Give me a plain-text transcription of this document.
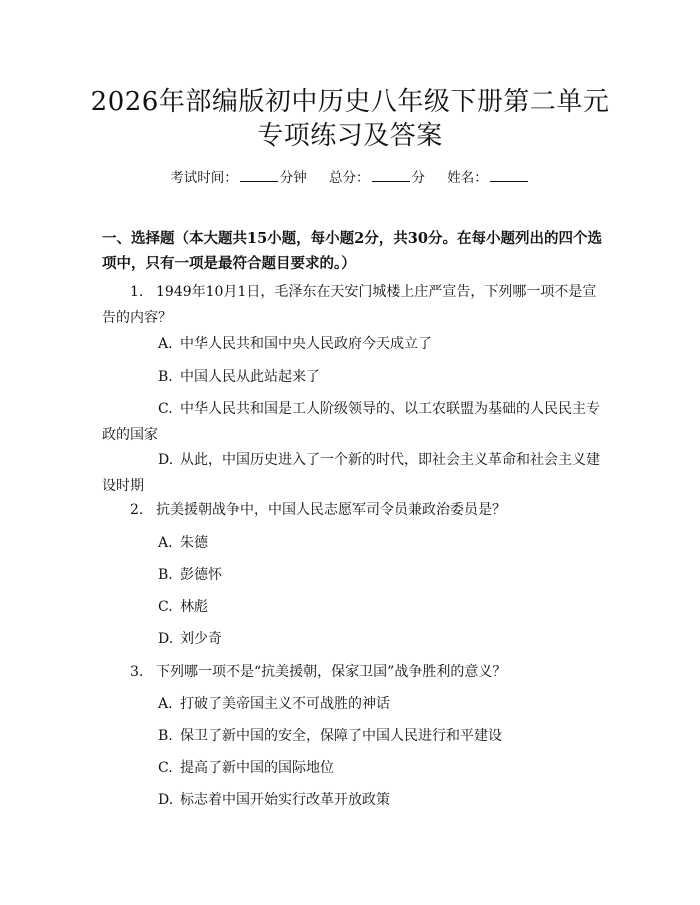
2026年部编版初中历史八年级下册第二单元
专项练习及答案
考试时间：	分钟 总分：	分 姓名：
一、选择题（本大题共15小题，每小题2分，共30分。在每小题列出的四个选项中，只有一项是最符合题目要求的。）
1. 1949年10月1日，毛泽东在天安门城楼上庄严宣告，下列哪一项不是宣
告的内容？
A. 中华人民共和国中央人民政府今天成立了
B. 中国人民从此站起来了
C. 中华人民共和国是工人阶级领导的、以工农联盟为基础的人民民主专
政的国家
D. 从此，中国历史进入了一个新的时代，即社会主义革命和社会主义建
设时期
2. 抗美援朝战争中，中国人民志愿军司令员兼政治委员是？
A. 朱德
B. 彭德怀
C. 林彪
D. 刘少奇
3. 下列哪一项不是“抗美援朝，保家卫国”战争胜利的意义？
A. 打破了美帝国主义不可战胜的神话
B. 保卫了新中国的安全，保障了中国人民进行和平建设
C. 提高了新中国的国际地位
D. 标志着中国开始实行改革开放政策
